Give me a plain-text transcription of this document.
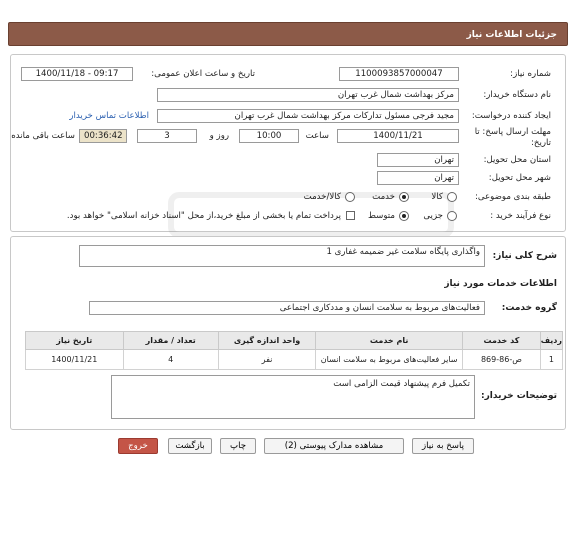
جزئیات اطلاعات نیاز
شماره نیاز:
1100093857000047
تاریخ و ساعت اعلان عمومی:
1400/11/18 - 09:17
نام دستگاه خریدار:
مرکز بهداشت شمال غرب تهران
ایجاد کننده درخواست:
مجید فرجی مسئول تداركات مرکز بهداشت شمال غرب تهران
اطلاعات تماس خریدار
مهلت ارسال پاسخ: تا تاریخ:
1400/11/21
ساعت
10:00
3	روز و
00:36:42
ساعت باقی مانده
استان محل تحویل:
تهران
شهر محل تحویل:
تهران
طبقه بندی موضوعی:
کالا
خدمت
کالا/خدمت
نوع فرآیند خرید :
جزیی
متوسط
پرداخت تمام یا بخشی از مبلغ خرید،از محل "اسناد خزانه اسلامی" خواهد بود.
شرح کلی نیاز:
واگذاری پایگاه سلامت غیر ضمیمه غفاری 1
اطلاعات خدمات مورد نیاز
گروه خدمت:
فعالیت‌های مربوط به سلامت انسان و مددکاری اجتماعی
ردیف	کد خدمت	نام خدمت	واحد اندازه گیری	تعداد / مقدار	تاریخ نیاز
1	ص-86-869	سایر فعالیت‌های مربوط به سلامت انسان	نفر	4	1400/11/21
توضیحات خریدار:
تکمیل فرم پیشنهاد قیمت الزامی است
پاسخ به نیاز
مشاهده مدارک پیوستی (2)
چاپ
بازگشت
خروج
